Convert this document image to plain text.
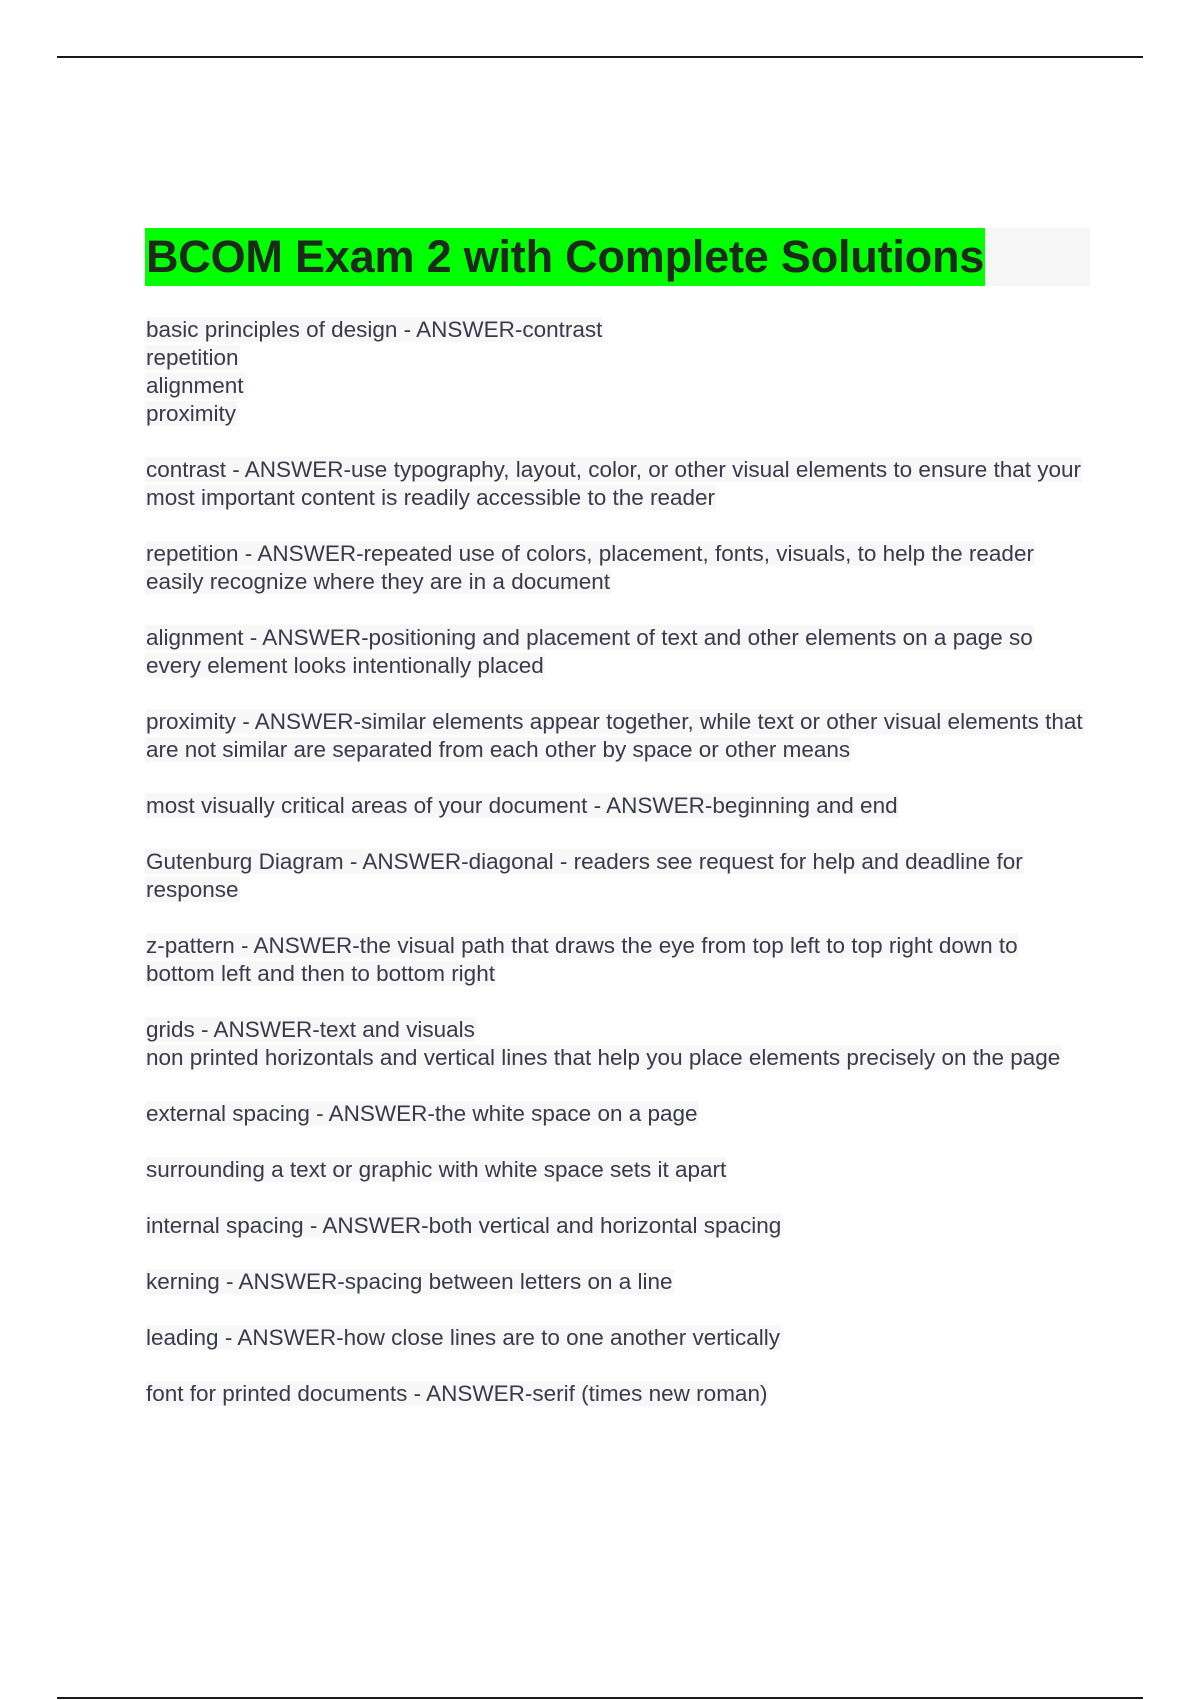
BCOM Exam 2 with Complete Solutions

basic principles of design - ANSWER-contrast

repetition

alignment

proximity

contrast - ANSWER-use typography, layout, color, or other visual elements to ensure that your most important content is readily accessible to the reader

repetition - ANSWER-repeated use of colors, placement, fonts, visuals, to help the reader easily recognize where they are in a document

alignment - ANSWER-positioning and placement of text and other elements on a page so every element looks intentionally placed

proximity - ANSWER-similar elements appear together, while text or other visual elements that are not similar are separated from each other by space or other means

most visually critical areas of your document - ANSWER-beginning and end

Gutenburg Diagram - ANSWER-diagonal - readers see request for help and deadline for response

z-pattern - ANSWER-the visual path that draws the eye from top left to top right down to bottom left and then to bottom right

grids - ANSWER-text and visuals

non printed horizontals and vertical lines that help you place elements precisely on the page

external spacing - ANSWER-the white space on a page

surrounding a text or graphic with white space sets it apart

internal spacing - ANSWER-both vertical and horizontal spacing

kerning - ANSWER-spacing between letters on a line

leading - ANSWER-how close lines are to one another vertically

font for printed documents - ANSWER-serif (times new roman)
